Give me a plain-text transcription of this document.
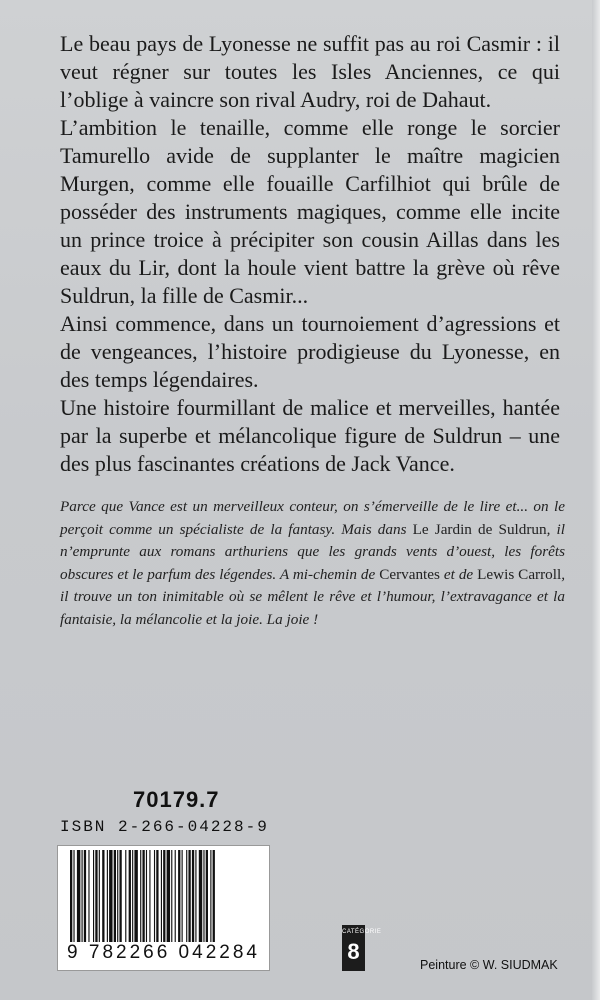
Le beau pays de Lyonesse ne suffit pas au roi Casmir : il veut régner sur toutes les Isles Anciennes, ce qui l’oblige à vaincre son rival Audry, roi de Dahaut.

L’ambition le tenaille, comme elle ronge le sorcier Tamurello avide de supplanter le maître magicien Murgen, comme elle fouaille Carfilhiot qui brûle de posséder des instruments magiques, comme elle incite un prince troice à précipiter son cousin Aillas dans les eaux du Lir, dont la houle vient battre la grève où rêve Suldrun, la fille de Casmir...

Ainsi commence, dans un tournoiement d’agressions et de vengeances, l’histoire prodigieuse du Lyonesse, en des temps légendaires.

Une histoire fourmillant de malice et merveilles, hantée par la superbe et mélancolique figure de Suldrun – une des plus fascinantes créations de Jack Vance.

Parce que Vance est un merveilleux conteur, on s’émerveille de le lire et... on le perçoit comme un spécialiste de la fantasy. Mais dans Le Jardin de Suldrun, il n’emprunte aux romans arthuriens que les grands vents d’ouest, les forêts obscures et le parfum des légendes. A mi-chemin de Cervantes et de Lewis Carroll, il trouve un ton inimitable où se mêlent le rêve et l’humour, l’extravagance et la fantaisie, la mélancolie et la joie. La joie !
70179.7
ISBN 2-266-04228-9
9 782266 042284
CATÉGORIE
8
Peinture © W. SIUDMAK
